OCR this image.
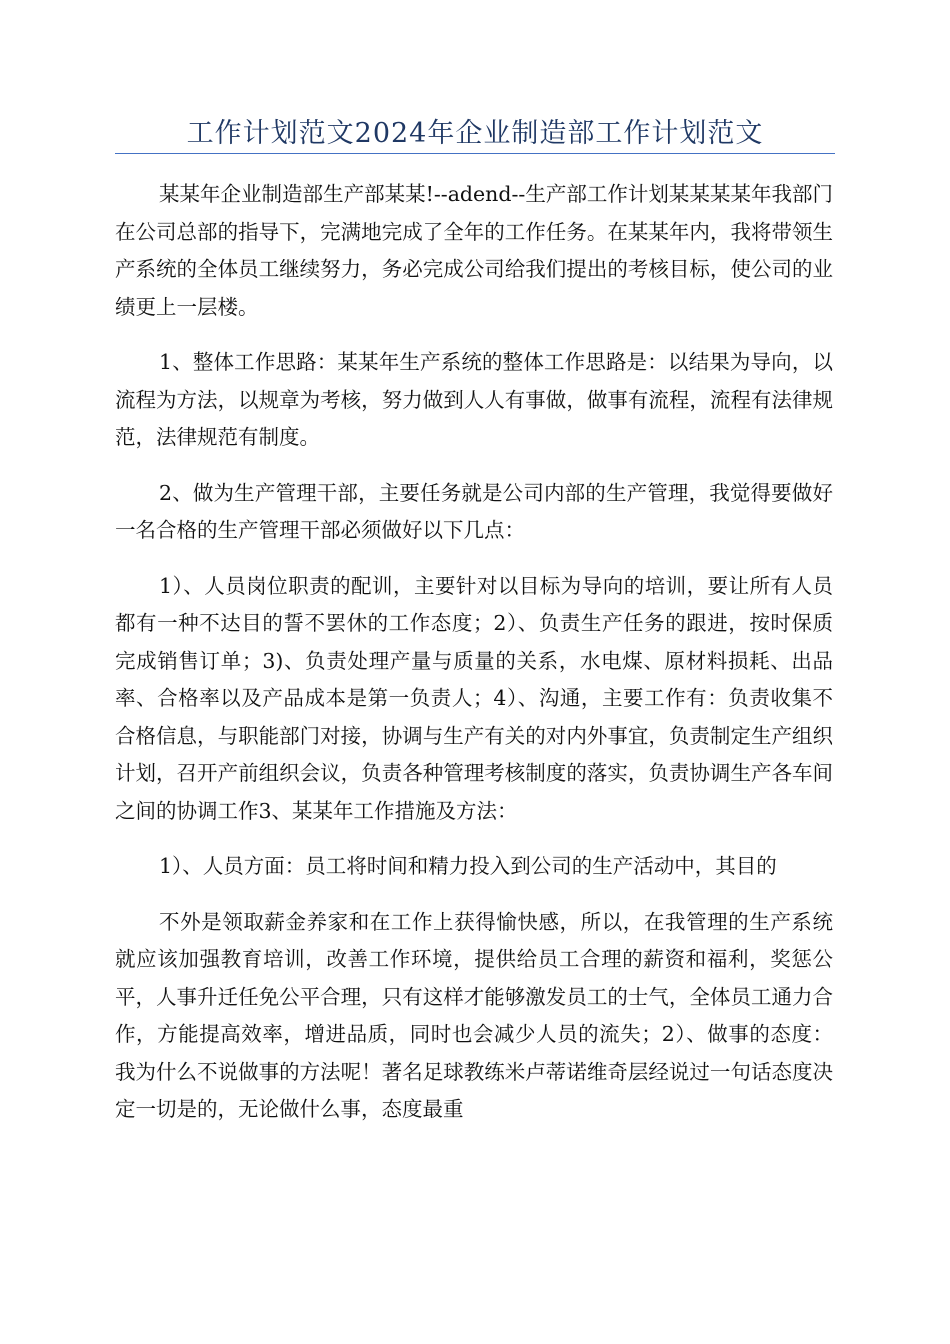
工作计划范文2024年企业制造部工作计划范文

某某年企业制造部生产部某某!--adend--生产部工作计划某某某某年我部门在公司总部的指导下，完满地完成了全年的工作任务。在某某年内，我将带领生产系统的全体员工继续努力，务必完成公司给我们提出的考核目标，使公司的业绩更上一层楼。

1、整体工作思路：某某年生产系统的整体工作思路是：以结果为导向，以流程为方法，以规章为考核，努力做到人人有事做，做事有流程，流程有法律规范，法律规范有制度。

2、做为生产管理干部，主要任务就是公司内部的生产管理，我觉得要做好一名合格的生产管理干部必须做好以下几点：

1）、人员岗位职责的配训，主要针对以目标为导向的培训，要让所有人员都有一种不达目的誓不罢休的工作态度；2）、负责生产任务的跟进，按时保质完成销售订单；3)、负责处理产量与质量的关系，水电煤、原材料损耗、出品率、合格率以及产品成本是第一负责人；4）、沟通，主要工作有：负责收集不合格信息，与职能部门对接，协调与生产有关的对内外事宜，负责制定生产组织计划，召开产前组织会议，负责各种管理考核制度的落实，负责协调生产各车间之间的协调工作3、某某年工作措施及方法：

1）、人员方面：员工将时间和精力投入到公司的生产活动中，其目的

不外是领取薪金养家和在工作上获得愉快感，所以，在我管理的生产系统就应该加强教育培训，改善工作环境，提供给员工合理的薪资和福利，奖惩公平，人事升迁任免公平合理，只有这样才能够激发员工的士气，全体员工通力合作，方能提高效率，增进品质，同时也会减少人员的流失；2）、做事的态度：我为什么不说做事的方法呢！著名足球教练米卢蒂诺维奇层经说过一句话态度决定一切是的，无论做什么事，态度最重
